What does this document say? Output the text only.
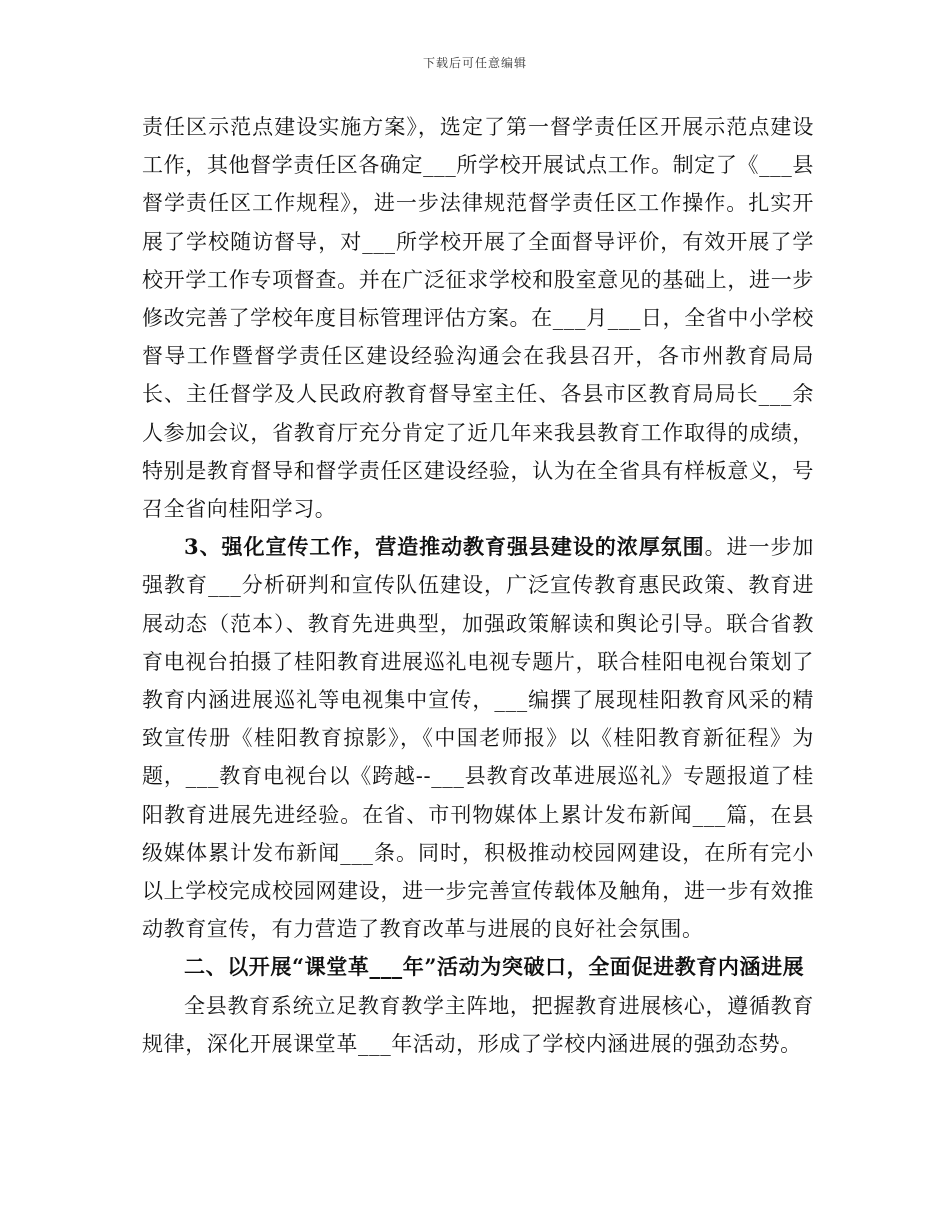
下载后可任意编辑

责任区示范点建设实施方案》，选定了第一督学责任区开展示范点建设工作，其他督学责任区各确定___所学校开展试点工作。制定了《___县督学责任区工作规程》，进一步法律规范督学责任区工作操作。扎实开展了学校随访督导，对___所学校开展了全面督导评价，有效开展了学校开学工作专项督查。并在广泛征求学校和股室意见的基础上，进一步修改完善了学校年度目标管理评估方案。在___月___日，全省中小学校督导工作暨督学责任区建设经验沟通会在我县召开，各市州教育局局长、主任督学及人民政府教育督导室主任、各县市区教育局局长___余人参加会议，省教育厅充分肯定了近几年来我县教育工作取得的成绩，特别是教育督导和督学责任区建设经验，认为在全省具有样板意义，号召全省向桂阳学习。

3、强化宣传工作，营造推动教育强县建设的浓厚氛围。进一步加强教育___分析研判和宣传队伍建设，广泛宣传教育惠民政策、教育进展动态（范本）、教育先进典型，加强政策解读和舆论引导。联合省教育电视台拍摄了桂阳教育进展巡礼电视专题片，联合桂阳电视台策划了教育内涵进展巡礼等电视集中宣传，___编撰了展现桂阳教育风采的精致宣传册《桂阳教育掠影》，《中国老师报》以《桂阳教育新征程》为题，___教育电视台以《跨越--___县教育改革进展巡礼》专题报道了桂阳教育进展先进经验。在省、市刊物媒体上累计发布新闻___篇，在县级媒体累计发布新闻___条。同时，积极推动校园网建设，在所有完小以上学校完成校园网建设，进一步完善宣传载体及触角，进一步有效推动教育宣传，有力营造了教育改革与进展的良好社会氛围。

二、以开展“课堂革___年”活动为突破口，全面促进教育内涵进展

全县教育系统立足教育教学主阵地，把握教育进展核心，遵循教育规律，深化开展课堂革___年活动，形成了学校内涵进展的强劲态势。
